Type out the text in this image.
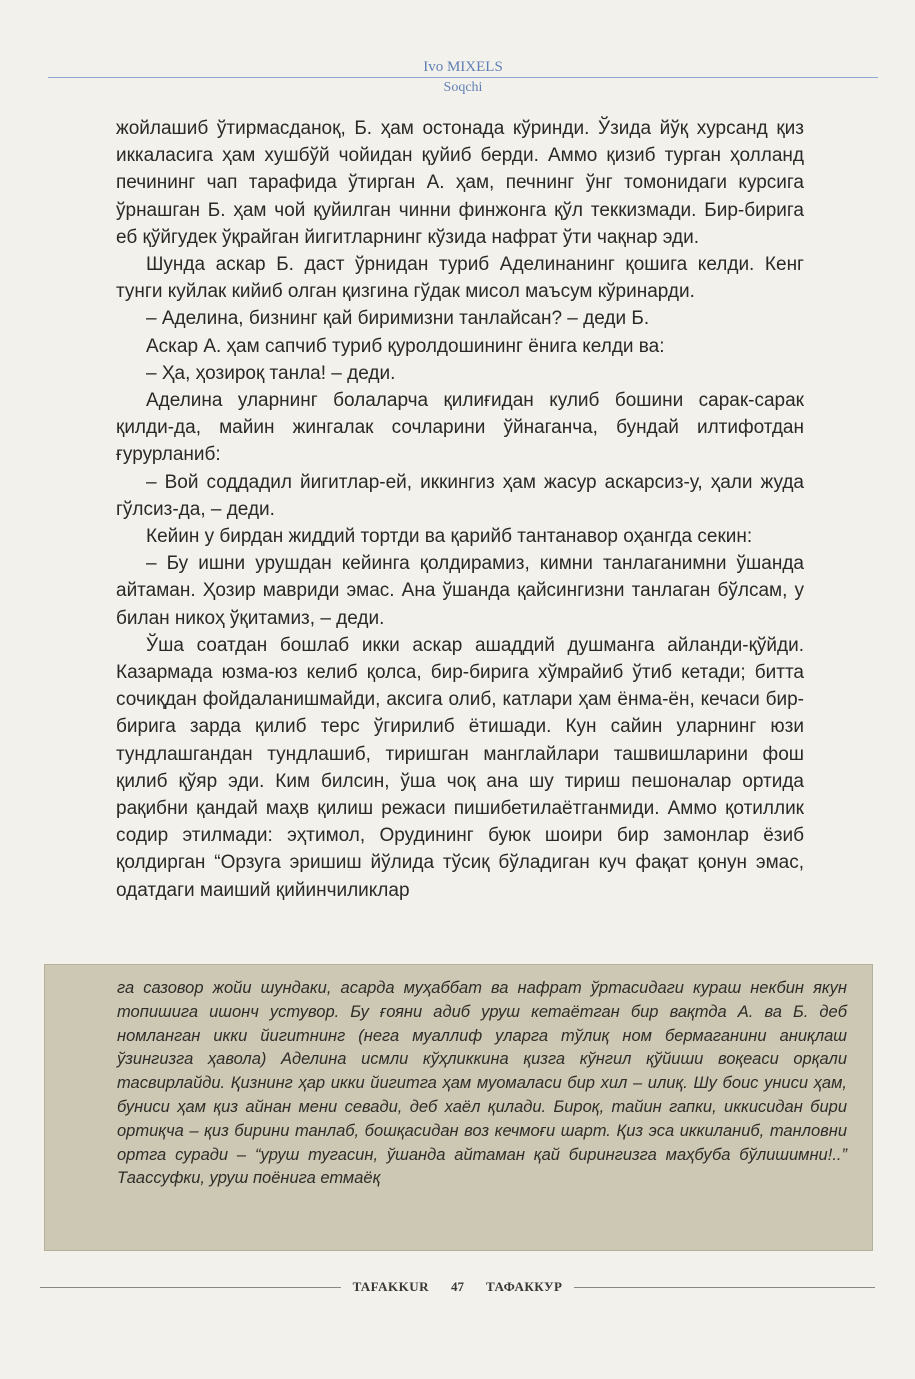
Ivo MIXELS
Soqchi

жойлашиб ўтирмасданоқ, Б. ҳам остонада кўринди. Ўзида йўқ хурсанд қиз иккаласига ҳам хушбўй чойидан қуйиб берди. Аммо қизиб турган ҳолланд печининг чап тарафида ўтирган А. ҳам, печнинг ўнг томонидаги курсига ўрнашган Б. ҳам чой қуйилган чинни финжонга қўл теккизмади. Бир-бирига еб қўйгудек ўқрайган йигитларнинг кўзида нафрат ўти чақнар эди.

Шунда аскар Б. даст ўрнидан туриб Аделинанинг қошига келди. Кенг тунги куйлак кийиб олган қизгина гўдак мисол маъсум кўринарди.

– Аделина, бизнинг қай биримизни танлайсан? – деди Б.

Аскар А. ҳам сапчиб туриб қуролдошининг ёнига келди ва:

– Ҳа, ҳозироқ танла! – деди.

Аделина уларнинг болаларча қилиғидан кулиб бошини сарак-сарак қилди-да, майин жингалак сочларини ўйнаганча, бундай илтифотдан ғурурланиб:

– Вой соддадил йигитлар-ей, иккингиз ҳам жасур аскарсиз-у, ҳали жуда гўлсиз-да, – деди.

Кейин у бирдан жиддий тортди ва қарийб тантанавор оҳангда секин:

– Бу ишни урушдан кейинга қолдирамиз, кимни танлаганимни ўшанда айтаман. Ҳозир мавриди эмас. Ана ўшанда қайсингизни танлаган бўлсам, у билан никоҳ ўқитамиз, – деди.

Ўша соатдан бошлаб икки аскар ашаддий душманга айланди-қўйди. Казармада юзма-юз келиб қолса, бир-бирига хўмрайиб ўтиб кетади; битта сочиқдан фойдаланишмайди, аксига олиб, катлари ҳам ёнма-ён, кечаси бир-бирига зарда қилиб терс ўгирилиб ётишади. Кун сайин уларнинг юзи тундлашгандан тундлашиб, тиришган манглайлари ташвишларини фош қилиб қўяр эди. Ким билсин, ўша чоқ ана шу тириш пешоналар ортида рақибни қандай маҳв қилиш режаси пишибетилаётганмиди. Аммо қотиллик содир этилмади: эҳтимол, Орудининг буюк шоири бир замонлар ёзиб қолдирган “Орзуга эришиш йўлида тўсиқ бўладиган куч фақат қонун эмас, одатдаги маиший қийинчиликлар

га сазовор жойи шундаки, асарда муҳаббат ва нафрат ўртасидаги кураш некбин якун топишига ишонч устувор. Бу ғояни адиб уруш кетаётган бир вақтда А. ва Б. деб номланган икки йигитнинг (нега муаллиф уларга тўлиқ ном бермаганини аниқлаш ўзингизга ҳавола) Аделина исмли кўҳликкина қизга кўнгил қўйиши воқеаси орқали тасвирлайди. Қизнинг ҳар икки йигитга ҳам муомаласи бир хил – илиқ. Шу боис униси ҳам, буниси ҳам қиз айнан мени севади, деб хаёл қилади. Бироқ, тайин гапки, иккисидан бири ортиқча – қиз бирини танлаб, бошқасидан воз кечмоғи шарт. Қиз эса иккиланиб, танловни ортга суради – “уруш тугасин, ўшанда айтаман қай бирингизга маҳбуба бўлишимни!..” Таассуфки, уруш поёнига етмаёқ

TAFAKKUR	47	ТАФАККУР
